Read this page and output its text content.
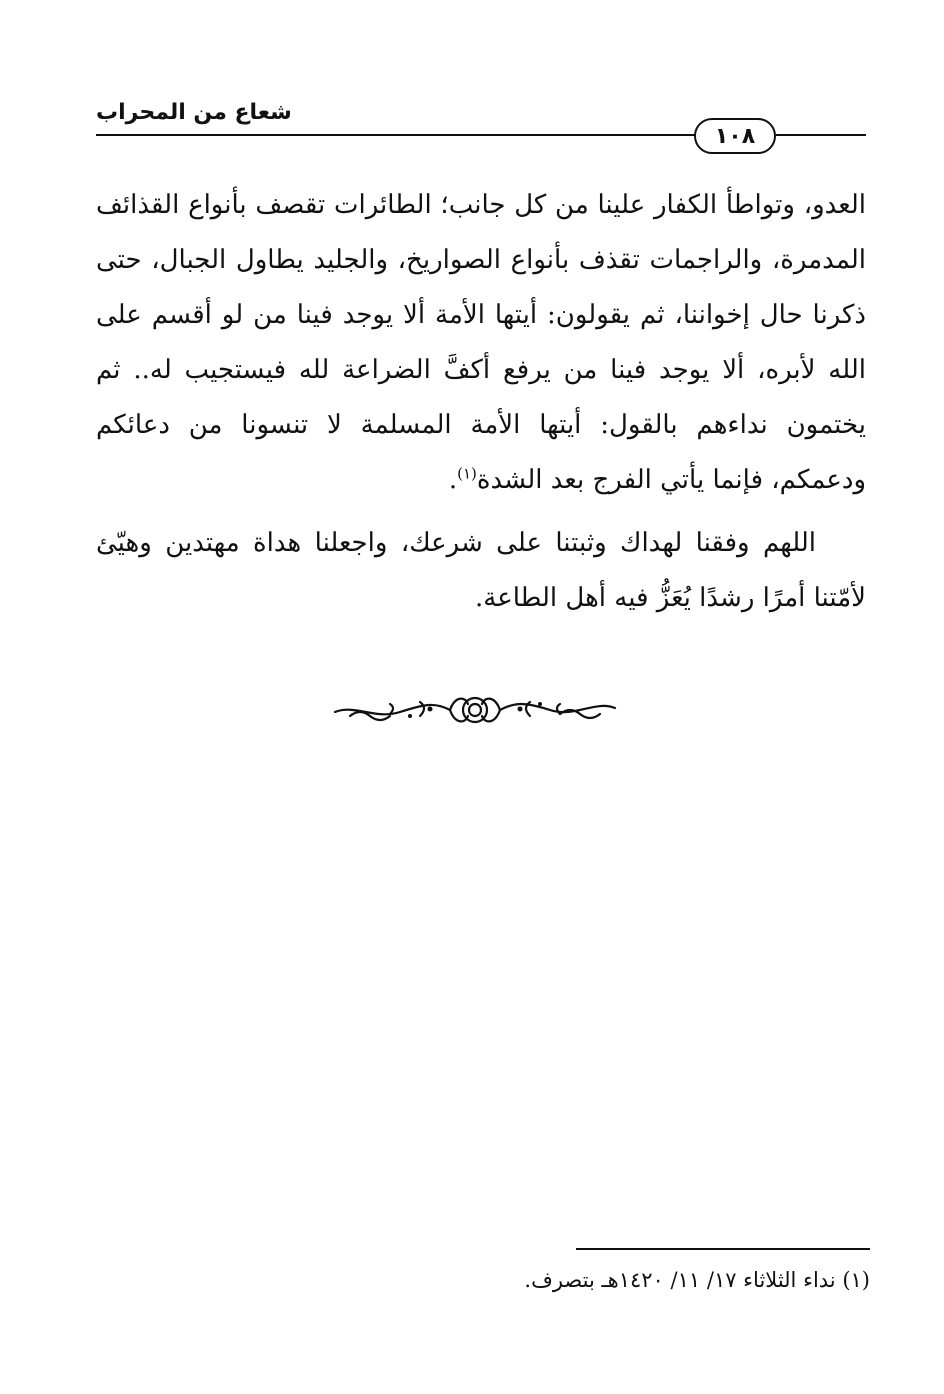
شعاع من المحراب
١٠٨

العدو، وتواطأ الكفار علينا من كل جانب؛ الطائرات تقصف بأنواع القذائف المدمرة، والراجمات تقذف بأنواع الصواريخ، والجليد يطاول الجبال، حتى ذكرنا حال إخواننا، ثم يقولون: أيتها الأمة ألا يوجد فينا من لو أقسم على الله لأبره، ألا يوجد فينا من يرفع أكفَّ الضراعة لله فيستجيب له.. ثم يختمون نداءهم بالقول: أيتها الأمة المسلمة لا تنسونا من دعائكم ودعمكم، فإنما يأتي الفرج بعد الشدة$^{(١)}$.

اللهم وفقنا لهداك وثبتنا على شرعك، واجعلنا هداة مهتدين وهيّئ لأمّتنا أمرًا رشدًا يُعَزُّ فيه أهل الطاعة.

(١) نداء الثلاثاء ١٧/ ١١/ ١٤٢٠هـ بتصرف.
